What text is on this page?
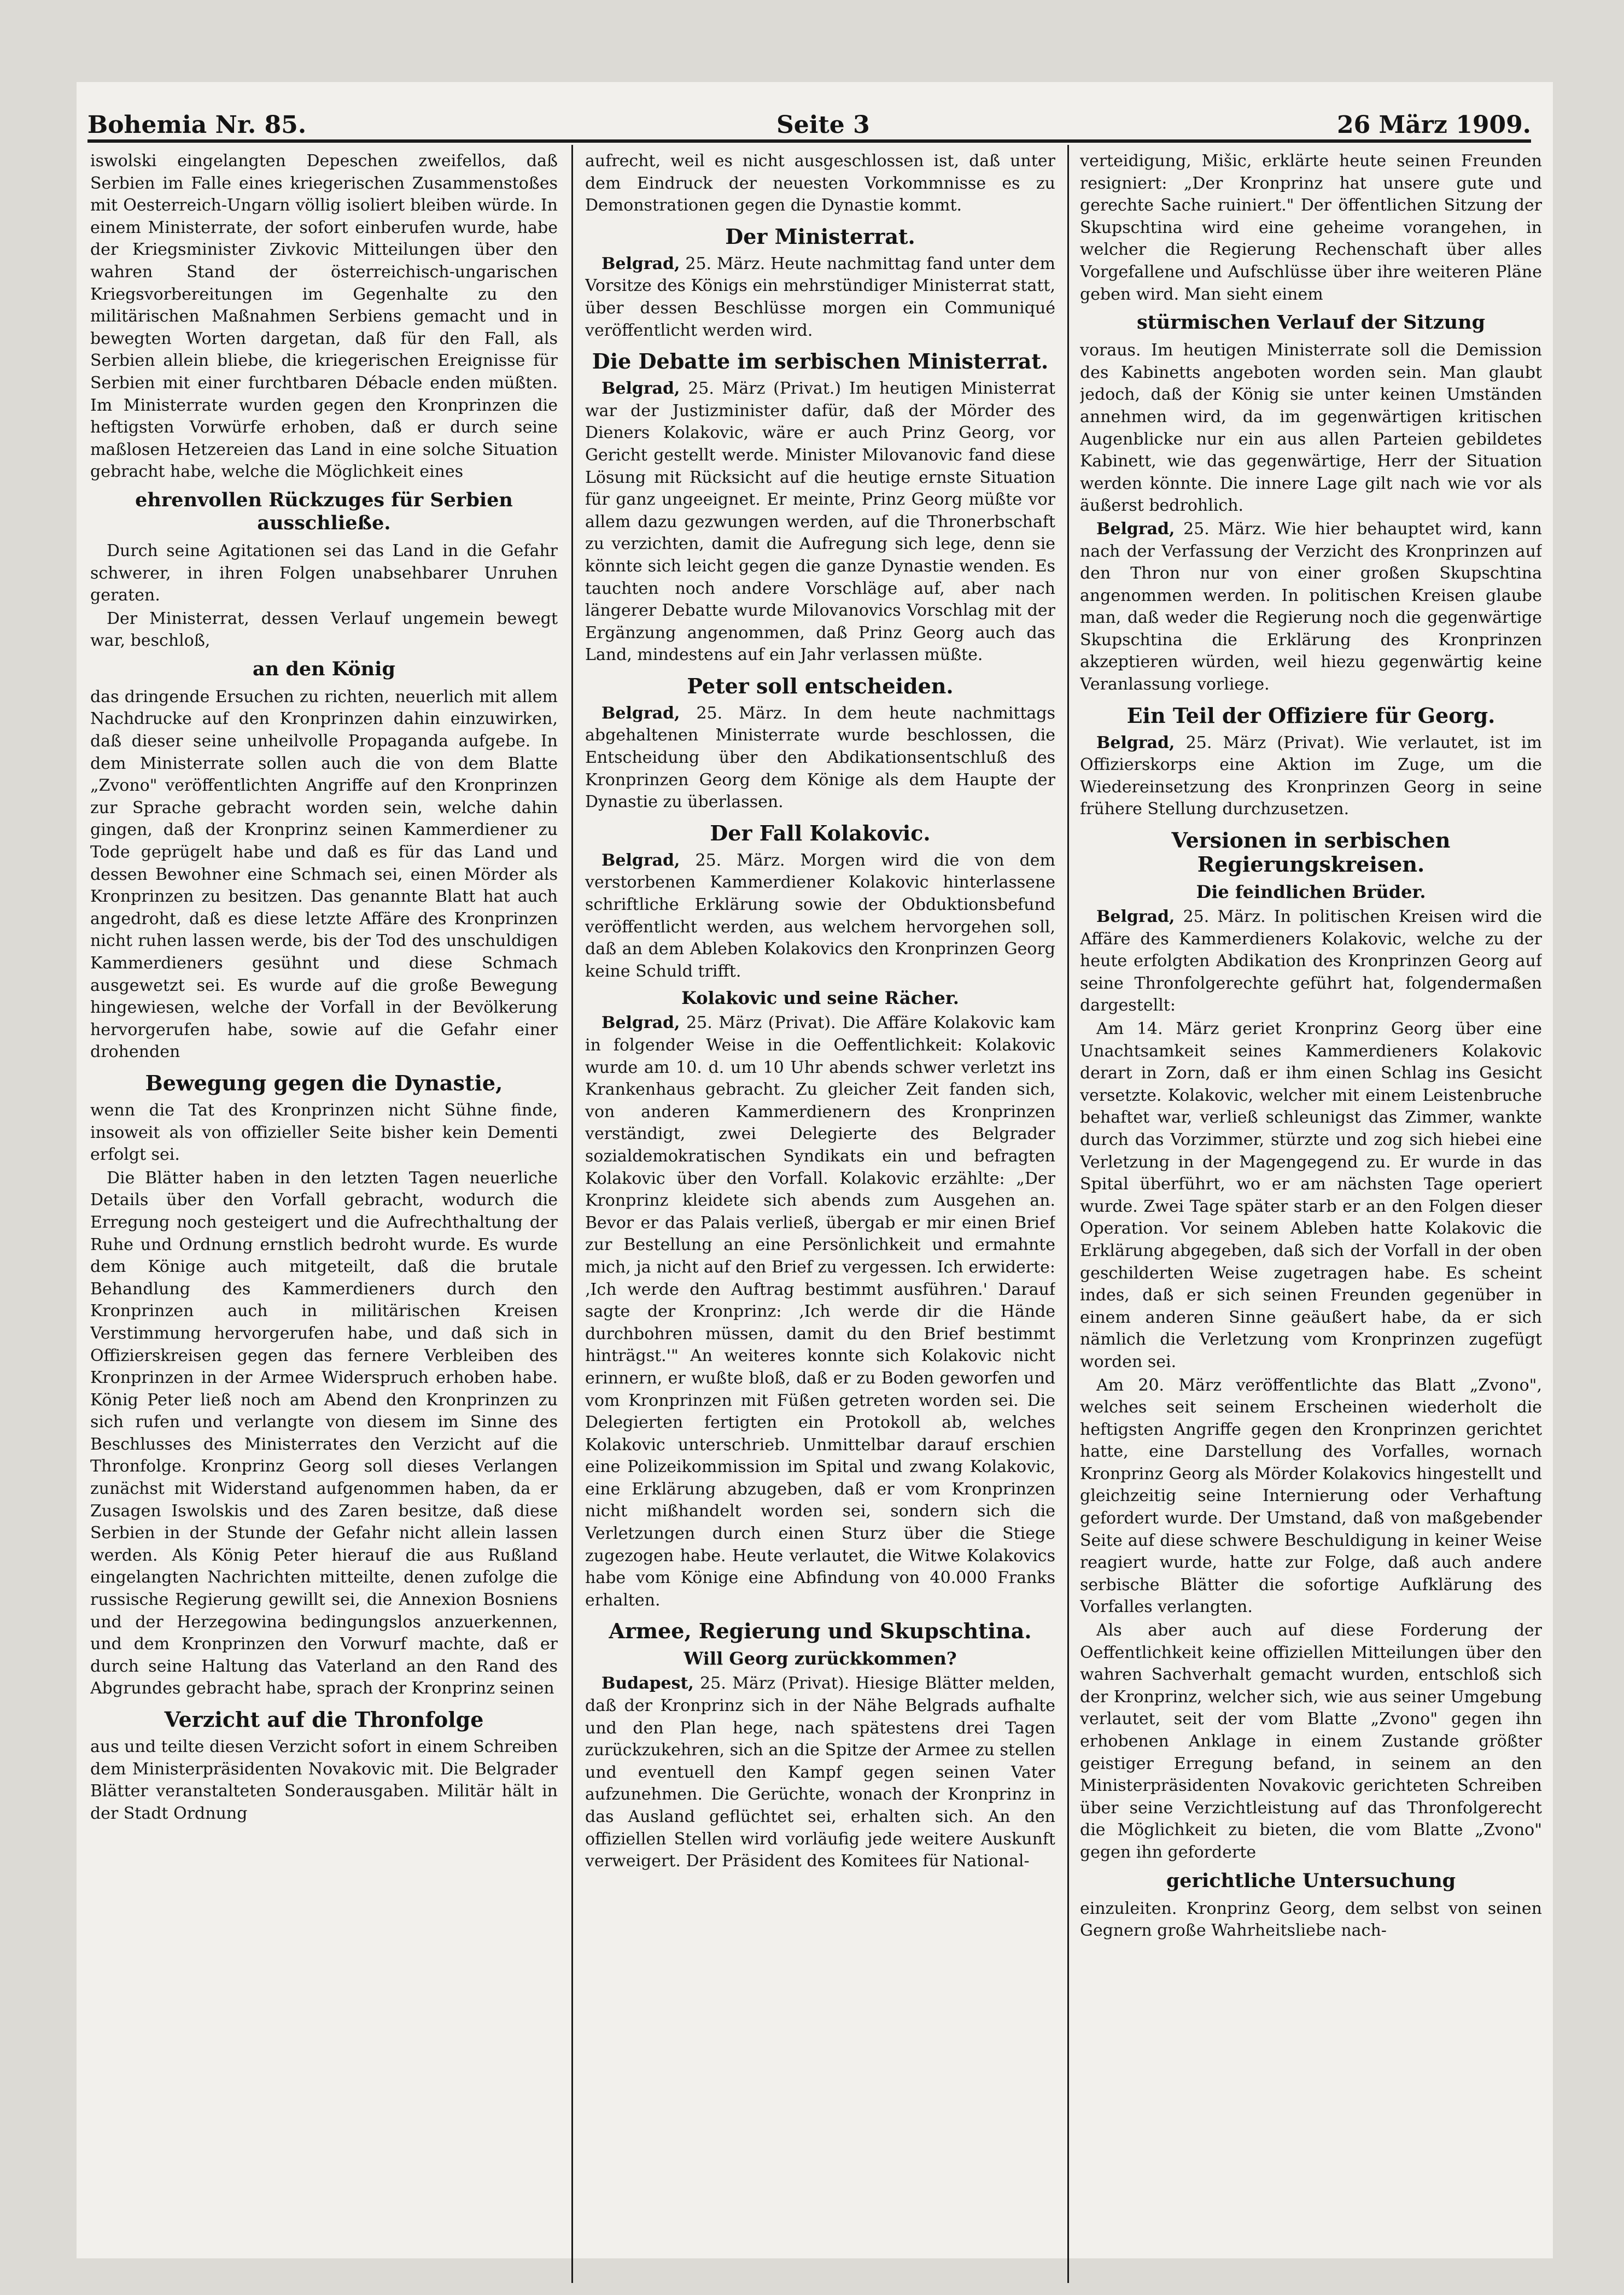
Bohemia Nr. 85.	Seite 3	26 März 1909.

iswolski eingelangten Depeschen zweifellos, daß Serbien im Falle eines kriegerischen Zusammenstoßes mit Oesterreich-Ungarn völlig isoliert bleiben würde. In einem Ministerrate, der sofort einberufen wurde, habe der Kriegsminister Zivkovic Mitteilungen über den wahren Stand der österreichisch-ungarischen Kriegsvorbereitungen im Gegenhalte zu den militärischen Maßnahmen Serbiens gemacht und in bewegten Worten dargetan, daß für den Fall, als Serbien allein bliebe, die kriegerischen Ereignisse für Serbien mit einer furchtbaren Débacle enden müßten. Im Ministerrate wurden gegen den Kronprinzen die heftigsten Vorwürfe erhoben, daß er durch seine maßlosen Hetzereien das Land in eine solche Situation gebracht habe, welche die Möglichkeit eines

ehrenvollen Rückzuges für Serbien ausschließe.

Durch seine Agitationen sei das Land in die Gefahr schwerer, in ihren Folgen unabsehbarer Unruhen geraten.

Der Ministerrat, dessen Verlauf ungemein bewegt war, beschloß,

an den König

das dringende Ersuchen zu richten, neuerlich mit allem Nachdrucke auf den Kronprinzen dahin einzuwirken, daß dieser seine unheilvolle Propaganda aufgebe. In dem Ministerrate sollen auch die von dem Blatte „Zvono" veröffentlichten Angriffe auf den Kronprinzen zur Sprache gebracht worden sein, welche dahin gingen, daß der Kronprinz seinen Kammerdiener zu Tode geprügelt habe und daß es für das Land und dessen Bewohner eine Schmach sei, einen Mörder als Kronprinzen zu besitzen. Das genannte Blatt hat auch angedroht, daß es diese letzte Affäre des Kronprinzen nicht ruhen lassen werde, bis der Tod des unschuldigen Kammerdieners gesühnt und diese Schmach ausgewetzt sei. Es wurde auf die große Bewegung hingewiesen, welche der Vorfall in der Bevölkerung hervorgerufen habe, sowie auf die Gefahr einer drohenden

Bewegung gegen die Dynastie,

wenn die Tat des Kronprinzen nicht Sühne finde, insoweit als von offizieller Seite bisher kein Dementi erfolgt sei.

Die Blätter haben in den letzten Tagen neuerliche Details über den Vorfall gebracht, wodurch die Erregung noch gesteigert und die Aufrechthaltung der Ruhe und Ordnung ernstlich bedroht wurde. Es wurde dem Könige auch mitgeteilt, daß die brutale Behandlung des Kammerdieners durch den Kronprinzen auch in militärischen Kreisen Verstimmung hervorgerufen habe, und daß sich in Offizierskreisen gegen das fernere Verbleiben des Kronprinzen in der Armee Widerspruch erhoben habe. König Peter ließ noch am Abend den Kronprinzen zu sich rufen und verlangte von diesem im Sinne des Beschlusses des Ministerrates den Verzicht auf die Thronfolge. Kronprinz Georg soll dieses Verlangen zunächst mit Widerstand aufgenommen haben, da er Zusagen Iswolskis und des Zaren besitze, daß diese Serbien in der Stunde der Gefahr nicht allein lassen werden. Als König Peter hierauf die aus Rußland eingelangten Nachrichten mitteilte, denen zufolge die russische Regierung gewillt sei, die Annexion Bosniens und der Herzegowina bedingungslos anzuerkennen, und dem Kronprinzen den Vorwurf machte, daß er durch seine Haltung das Vaterland an den Rand des Abgrundes gebracht habe, sprach der Kronprinz seinen

Verzicht auf die Thronfolge

aus und teilte diesen Verzicht sofort in einem Schreiben dem Ministerpräsidenten Novakovic mit. Die Belgrader Blätter veranstalteten Sonderausgaben. Militär hält in der Stadt Ordnung

aufrecht, weil es nicht ausgeschlossen ist, daß unter dem Eindruck der neuesten Vorkommnisse es zu Demonstrationen gegen die Dynastie kommt.

Der Ministerrat.

Belgrad, 25. März. Heute nachmittag fand unter dem Vorsitze des Königs ein mehrstündiger Ministerrat statt, über dessen Beschlüsse morgen ein Communiqué veröffentlicht werden wird.

Die Debatte im serbischen Ministerrat.

Belgrad, 25. März (Privat.) Im heutigen Ministerrat war der Justizminister dafür, daß der Mörder des Dieners Kolakovic, wäre er auch Prinz Georg, vor Gericht gestellt werde. Minister Milovanovic fand diese Lösung mit Rücksicht auf die heutige ernste Situation für ganz ungeeignet. Er meinte, Prinz Georg müßte vor allem dazu gezwungen werden, auf die Thronerbschaft zu verzichten, damit die Aufregung sich lege, denn sie könnte sich leicht gegen die ganze Dynastie wenden. Es tauchten noch andere Vorschläge auf, aber nach längerer Debatte wurde Milovanovics Vorschlag mit der Ergänzung angenommen, daß Prinz Georg auch das Land, mindestens auf ein Jahr verlassen müßte.

Peter soll entscheiden.

Belgrad, 25. März. In dem heute nachmittags abgehaltenen Ministerrate wurde beschlossen, die Entscheidung über den Abdikationsentschluß des Kronprinzen Georg dem Könige als dem Haupte der Dynastie zu überlassen.

Der Fall Kolakovic.

Belgrad, 25. März. Morgen wird die von dem verstorbenen Kammerdiener Kolakovic hinterlassene schriftliche Erklärung sowie der Obduktionsbefund veröffentlicht werden, aus welchem hervorgehen soll, daß an dem Ableben Kolakovics den Kronprinzen Georg keine Schuld trifft.

Kolakovic und seine Rächer.

Belgrad, 25. März (Privat). Die Affäre Kolakovic kam in folgender Weise in die Oeffentlichkeit: Kolakovic wurde am 10. d. um 10 Uhr abends schwer verletzt ins Krankenhaus gebracht. Zu gleicher Zeit fanden sich, von anderen Kammerdienern des Kronprinzen verständigt, zwei Delegierte des Belgrader sozialdemokratischen Syndikats ein und befragten Kolakovic über den Vorfall. Kolakovic erzählte: „Der Kronprinz kleidete sich abends zum Ausgehen an. Bevor er das Palais verließ, übergab er mir einen Brief zur Bestellung an eine Persönlichkeit und ermahnte mich, ja nicht auf den Brief zu vergessen. Ich erwiderte: ‚Ich werde den Auftrag bestimmt ausführen.' Darauf sagte der Kronprinz: ‚Ich werde dir die Hände durchbohren müssen, damit du den Brief bestimmt hinträgst.'" An weiteres konnte sich Kolakovic nicht erinnern, er wußte bloß, daß er zu Boden geworfen und vom Kronprinzen mit Füßen getreten worden sei. Die Delegierten fertigten ein Protokoll ab, welches Kolakovic unterschrieb. Unmittelbar darauf erschien eine Polizeikommission im Spital und zwang Kolakovic, eine Erklärung abzugeben, daß er vom Kronprinzen nicht mißhandelt worden sei, sondern sich die Verletzungen durch einen Sturz über die Stiege zugezogen habe. Heute verlautet, die Witwe Kolakovics habe vom Könige eine Abfindung von 40.000 Franks erhalten.

Armee, Regierung und Skupschtina.
Will Georg zurückkommen?

Budapest, 25. März (Privat). Hiesige Blätter melden, daß der Kronprinz sich in der Nähe Belgrads aufhalte und den Plan hege, nach spätestens drei Tagen zurückzukehren, sich an die Spitze der Armee zu stellen und eventuell den Kampf gegen seinen Vater aufzunehmen. Die Gerüchte, wonach der Kronprinz in das Ausland geflüchtet sei, erhalten sich. An den offiziellen Stellen wird vorläufig jede weitere Auskunft verweigert. Der Präsident des Komitees für National-

verteidigung, Mišic, erklärte heute seinen Freunden resigniert: „Der Kronprinz hat unsere gute und gerechte Sache ruiniert." Der öffentlichen Sitzung der Skupschtina wird eine geheime vorangehen, in welcher die Regierung Rechenschaft über alles Vorgefallene und Aufschlüsse über ihre weiteren Pläne geben wird. Man sieht einem

stürmischen Verlauf der Sitzung

voraus. Im heutigen Ministerrate soll die Demission des Kabinetts angeboten worden sein. Man glaubt jedoch, daß der König sie unter keinen Umständen annehmen wird, da im gegenwärtigen kritischen Augenblicke nur ein aus allen Parteien gebildetes Kabinett, wie das gegenwärtige, Herr der Situation werden könnte. Die innere Lage gilt nach wie vor als äußerst bedrohlich.

Belgrad, 25. März. Wie hier behauptet wird, kann nach der Verfassung der Verzicht des Kronprinzen auf den Thron nur von einer großen Skupschtina angenommen werden. In politischen Kreisen glaube man, daß weder die Regierung noch die gegenwärtige Skupschtina die Erklärung des Kronprinzen akzeptieren würden, weil hiezu gegenwärtig keine Veranlassung vorliege.

Ein Teil der Offiziere für Georg.

Belgrad, 25. März (Privat). Wie verlautet, ist im Offizierskorps eine Aktion im Zuge, um die Wiedereinsetzung des Kronprinzen Georg in seine frühere Stellung durchzusetzen.

Versionen in serbischen Regierungskreisen.
Die feindlichen Brüder.

Belgrad, 25. März. In politischen Kreisen wird die Affäre des Kammerdieners Kolakovic, welche zu der heute erfolgten Abdikation des Kronprinzen Georg auf seine Thronfolgerechte geführt hat, folgendermaßen dargestellt:

Am 14. März geriet Kronprinz Georg über eine Unachtsamkeit seines Kammerdieners Kolakovic derart in Zorn, daß er ihm einen Schlag ins Gesicht versetzte. Kolakovic, welcher mit einem Leistenbruche behaftet war, verließ schleunigst das Zimmer, wankte durch das Vorzimmer, stürzte und zog sich hiebei eine Verletzung in der Magengegend zu. Er wurde in das Spital überführt, wo er am nächsten Tage operiert wurde. Zwei Tage später starb er an den Folgen dieser Operation. Vor seinem Ableben hatte Kolakovic die Erklärung abgegeben, daß sich der Vorfall in der oben geschilderten Weise zugetragen habe. Es scheint indes, daß er sich seinen Freunden gegenüber in einem anderen Sinne geäußert habe, da er sich nämlich die Verletzung vom Kronprinzen zugefügt worden sei.

Am 20. März veröffentlichte das Blatt „Zvono", welches seit seinem Erscheinen wiederholt die heftigsten Angriffe gegen den Kronprinzen gerichtet hatte, eine Darstellung des Vorfalles, wornach Kronprinz Georg als Mörder Kolakovics hingestellt und gleichzeitig seine Internierung oder Verhaftung gefordert wurde. Der Umstand, daß von maßgebender Seite auf diese schwere Beschuldigung in keiner Weise reagiert wurde, hatte zur Folge, daß auch andere serbische Blätter die sofortige Aufklärung des Vorfalles verlangten.

Als aber auch auf diese Forderung der Oeffentlichkeit keine offiziellen Mitteilungen über den wahren Sachverhalt gemacht wurden, entschloß sich der Kronprinz, welcher sich, wie aus seiner Umgebung verlautet, seit der vom Blatte „Zvono" gegen ihn erhobenen Anklage in einem Zustande größter geistiger Erregung befand, in seinem an den Ministerpräsidenten Novakovic gerichteten Schreiben über seine Verzichtleistung auf das Thronfolgerecht die Möglichkeit zu bieten, die vom Blatte „Zvono" gegen ihn geforderte

gerichtliche Untersuchung

einzuleiten. Kronprinz Georg, dem selbst von seinen Gegnern große Wahrheitsliebe nach-
